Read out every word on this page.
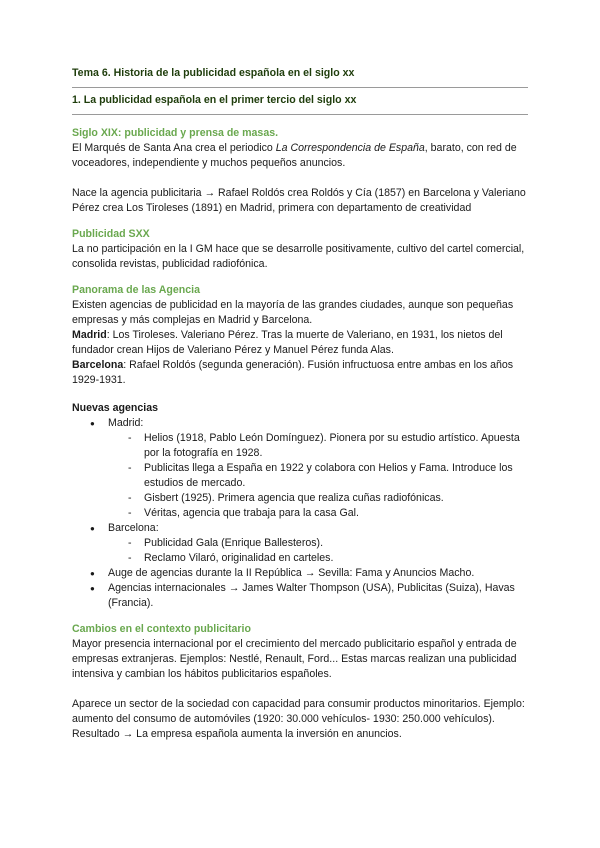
Tema 6. Historia de la publicidad española en el siglo xx
1. La publicidad española en el primer tercio del siglo xx
Siglo XIX: publicidad y prensa de masas.

El Marqués de Santa Ana crea el periodico La Correspondencia de España, barato, con red de voceadores, independiente y muchos pequeños anuncios.

Nace la agencia publicitaria → Rafael Roldós crea Roldós y Cía (1857) en Barcelona y Valeriano Pérez crea Los Tiroleses (1891) en Madrid, primera con departamento de creatividad

Publicidad SXX

La no participación en la I GM hace que se desarrolle positivamente, cultivo del cartel comercial, consolida revistas, publicidad radiofónica.

Panorama de las Agencia

Existen agencias de publicidad en la mayoría de las grandes ciudades, aunque son pequeñas empresas y más complejas en Madrid y Barcelona.

Madrid: Los Tiroleses. Valeriano Pérez. Tras la muerte de Valeriano, en 1931, los nietos del fundador crean Hijos de Valeriano Pérez y Manuel Pérez funda Alas.

Barcelona: Rafael Roldós (segunda generación). Fusión infructuosa entre ambas en los años 1929-1931.

Nuevas agencias
● Madrid:
- Helios (1918, Pablo León Domínguez). Pionera por su estudio artístico. Apuesta por la fotografía en 1928.
- Publicitas llega a España en 1922 y colabora con Helios y Fama. Introduce los estudios de mercado.
- Gisbert (1925). Primera agencia que realiza cuñas radiofónicas.
- Véritas, agencia que trabaja para la casa Gal.
● Barcelona:
- Publicidad Gala (Enrique Ballesteros).
- Reclamo Vilaró, originalidad en carteles.
● Auge de agencias durante la II República → Sevilla: Fama y Anuncios Macho.
● Agencias internacionales → James Walter Thompson (USA), Publicitas (Suiza), Havas (Francia).
Cambios en el contexto publicitario

Mayor presencia internacional por el crecimiento del mercado publicitario español y entrada de empresas extranjeras. Ejemplos: Nestlé, Renault, Ford... Estas marcas realizan una publicidad intensiva y cambian los hábitos publicitarios españoles.

Aparece un sector de la sociedad con capacidad para consumir productos minoritarios. Ejemplo: aumento del consumo de automóviles (1920: 30.000 vehículos- 1930: 250.000 vehículos). Resultado → La empresa española aumenta la inversión en anuncios.
